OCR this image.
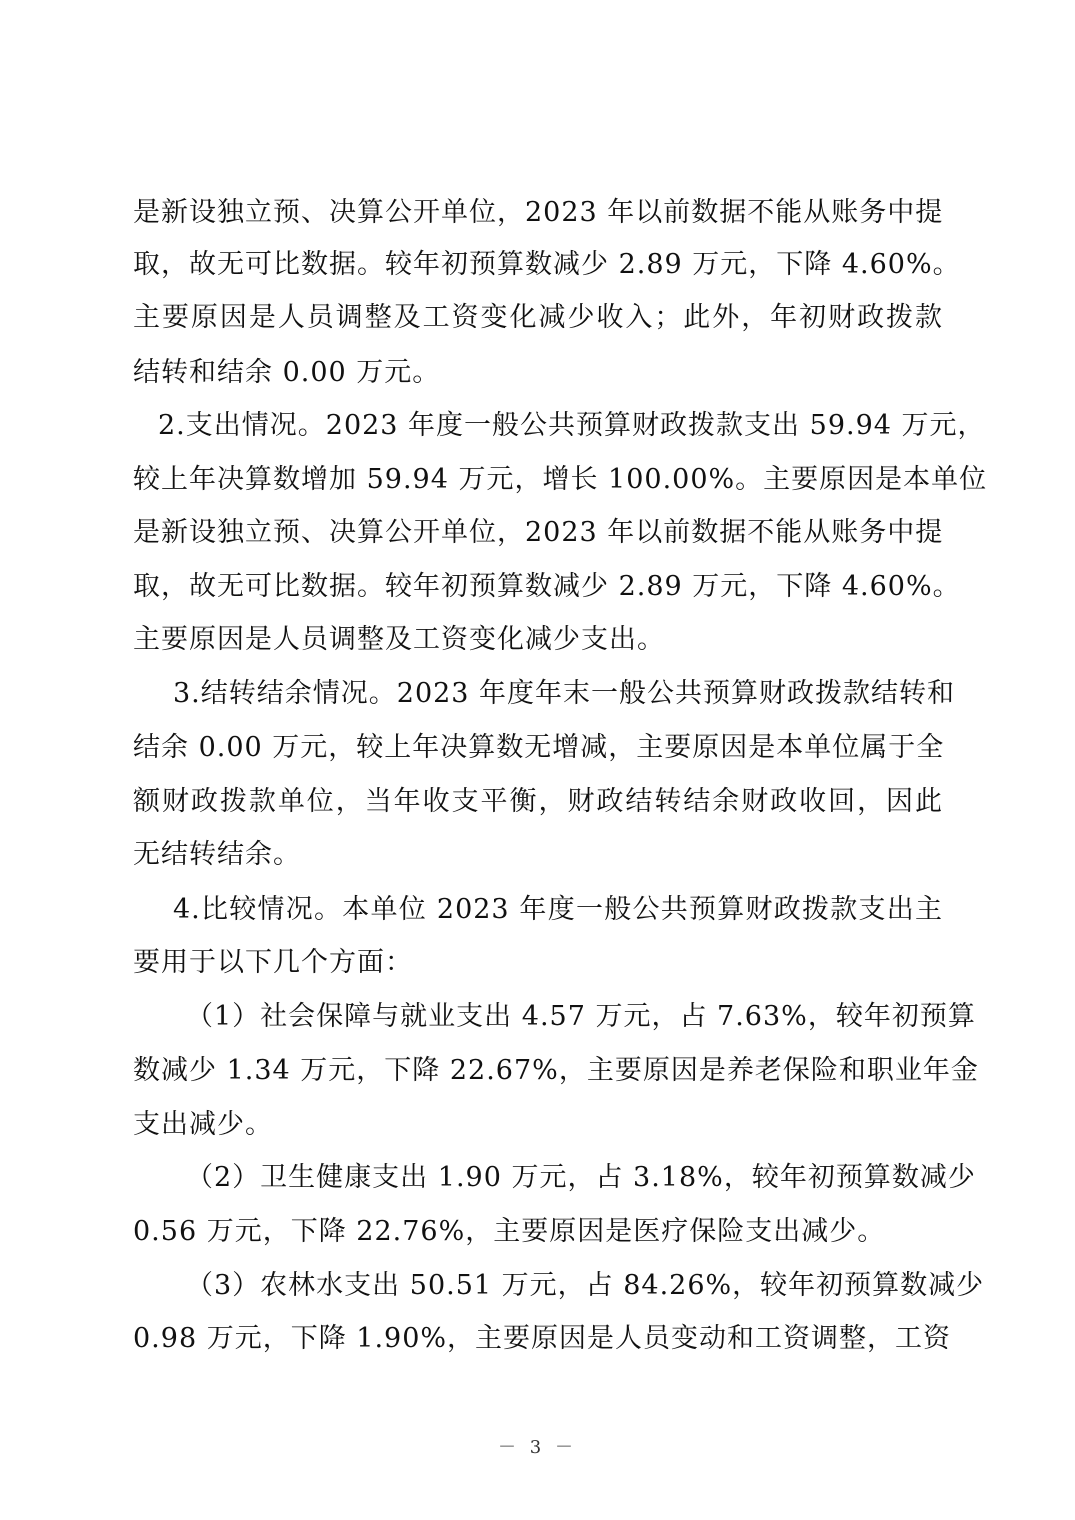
是新设独立预、决算公开单位，2023 年以前数据不能从账务中提
取，故无可比数据。较年初预算数减少 2.89 万元，下降 4.60%。
主要原因是人员调整及工资变化减少收入；此外，年初财政拨款
结转和结余 0.00 万元。
2.支出情况。2023 年度一般公共预算财政拨款支出 59.94 万元，
较上年决算数增加 59.94 万元，增长 100.00%。主要原因是本单位
是新设独立预、决算公开单位，2023 年以前数据不能从账务中提
取，故无可比数据。较年初预算数减少 2.89 万元，下降 4.60%。
主要原因是人员调整及工资变化减少支出。
3.结转结余情况。2023 年度年末一般公共预算财政拨款结转和
结余 0.00 万元，较上年决算数无增减，主要原因是本单位属于全
额财政拨款单位，当年收支平衡，财政结转结余财政收回，因此
无结转结余。
4.比较情况。本单位 2023 年度一般公共预算财政拨款支出主
要用于以下几个方面：
（1）社会保障与就业支出 4.57 万元，占 7.63%，较年初预算
数减少 1.34 万元，下降 22.67%，主要原因是养老保险和职业年金
支出减少。
（2）卫生健康支出 1.90 万元，占 3.18%，较年初预算数减少
0.56 万元，下降 22.76%，主要原因是医疗保险支出减少。
（3）农林水支出 50.51 万元，占 84.26%，较年初预算数减少
0.98 万元，下降 1.90%，主要原因是人员变动和工资调整，工资
－ 3 －
